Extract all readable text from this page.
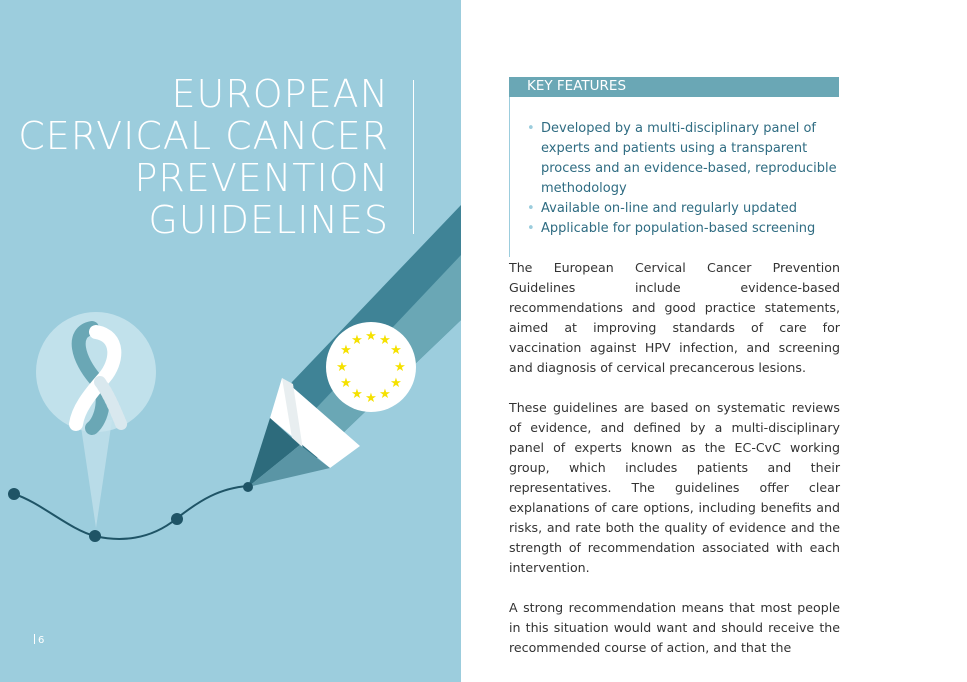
★ ★
★
★
★
★
★
★
★
★
★
★
EUROPEAN
CERVICAL CANCER
PREVENTION
GUIDELINES
6
KEY FEATURES
• Developed by a multi-disciplinary panel of experts and patients using a transparent process and an evidence-based, reproducible methodology
• Available on-line and regularly updated
• Applicable for population-based screening

The European Cervical Cancer Prevention Guidelines include evidence-based recommendations and good practice statements, aimed at improving standards of care for vaccination against HPV infection, and screening and diagnosis of cervical precancerous lesions.

These guidelines are based on systematic reviews of evidence, and defined by a multi-disciplinary panel of experts known as the EC-CvC working group, which includes patients and their representatives. The guidelines offer clear explanations of care options, including benefits and risks, and rate both the quality of evidence and the strength of recommendation associated with each intervention.

A strong recommendation means that most people in this situation would want and should receive the recommended course of action, and that the
